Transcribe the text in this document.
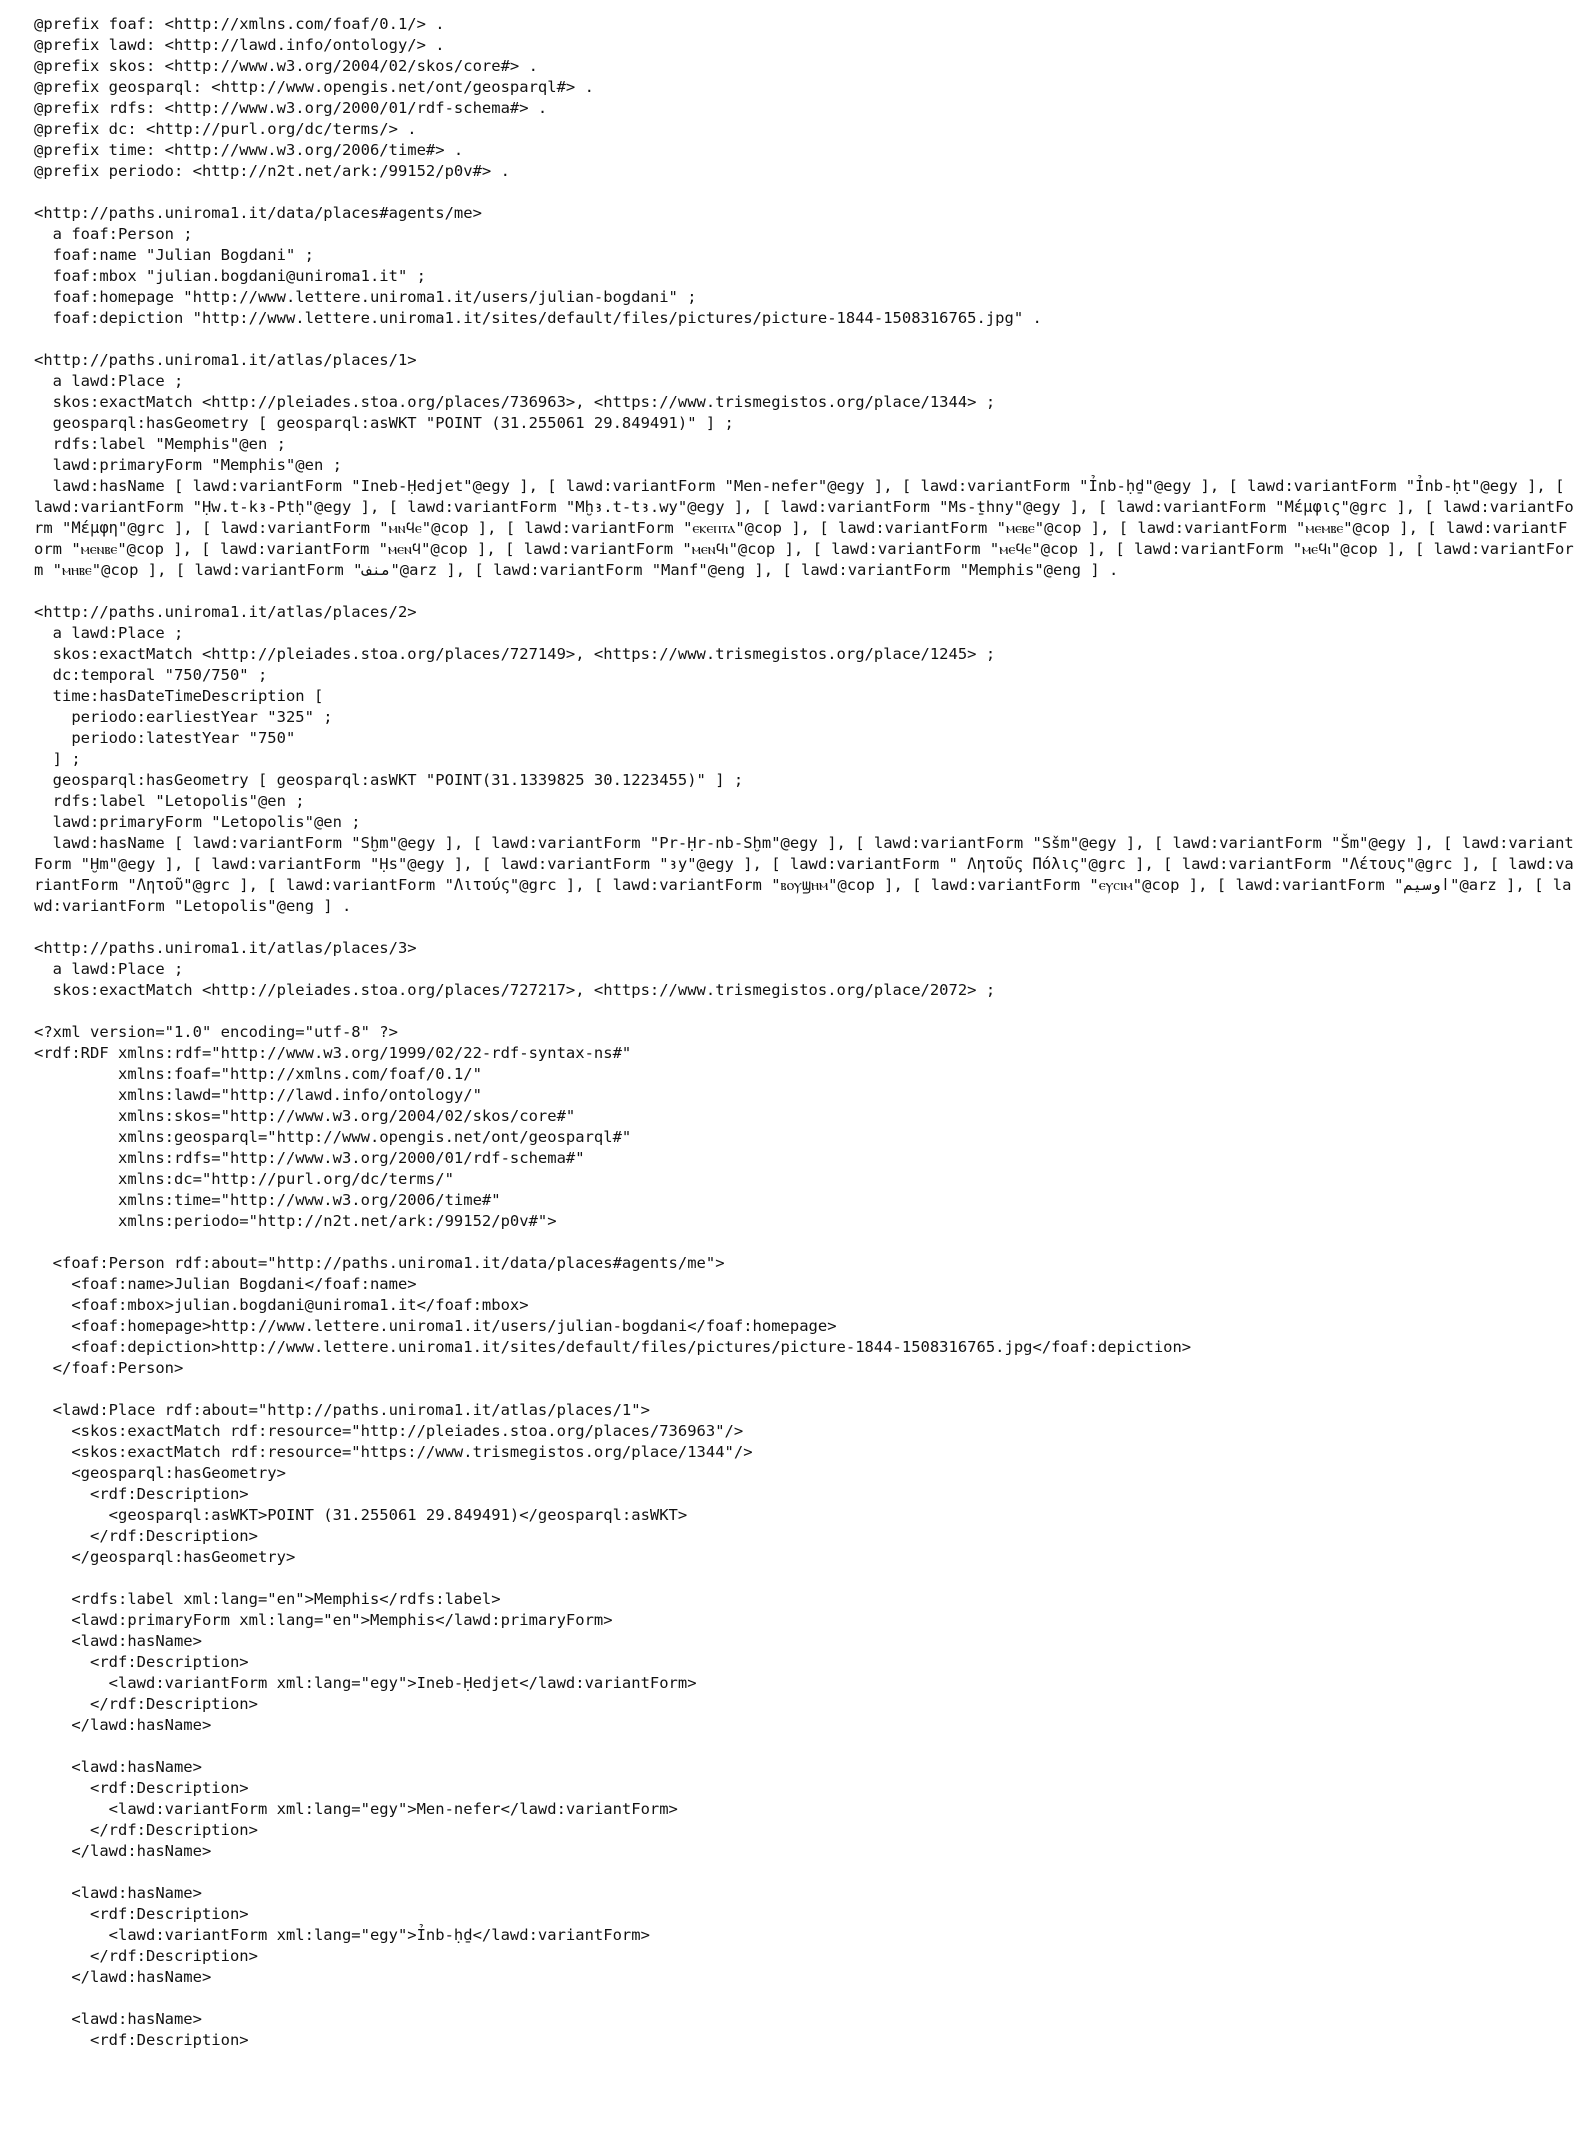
@prefix foaf: <http://xmlns.com/foaf/0.1/> .
@prefix lawd: <http://lawd.info/ontology/> .
@prefix skos: <http://www.w3.org/2004/02/skos/core#> .
@prefix geosparql: <http://www.opengis.net/ont/geosparql#> .
@prefix rdfs: <http://www.w3.org/2000/01/rdf-schema#> .
@prefix dc: <http://purl.org/dc/terms/> .
@prefix time: <http://www.w3.org/2006/time#> .
@prefix periodo: <http://n2t.net/ark:/99152/p0v#> .
<http://paths.uniroma1.it/data/places#agents/me>
a foaf:Person ;
foaf:name "Julian Bogdani" ;
foaf:mbox "julian.bogdani@uniroma1.it" ;
foaf:homepage "http://www.lettere.uniroma1.it/users/julian-bogdani" ;
foaf:depiction "http://www.lettere.uniroma1.it/sites/default/files/pictures/picture-1844-1508316765.jpg" .
<http://paths.uniroma1.it/atlas/places/1>
a lawd:Place ;
skos:exactMatch <http://pleiades.stoa.org/places/736963>, <https://www.trismegistos.org/place/1344> ;
geosparql:hasGeometry [ geosparql:asWKT "POINT (31.255061 29.849491)" ] ;
rdfs:label "Memphis"@en ;
lawd:primaryForm "Memphis"@en ;
lawd:hasName [ lawd:variantForm "Ineb-Ḥedjet"@egy ], [ lawd:variantForm "Men-nefer"@egy ], [ lawd:variantForm "Ỉnb-ḥḏ"@egy ], [ lawd:variantForm "Ỉnb-ḥt"@egy ], [ lawd:variantForm "Ḥw.t-kꜣ-Ptḥ"@egy ], [ lawd:variantForm "Mḫꜣ.t-tꜣ.wy"@egy ], [ lawd:variantForm "Ms-ṯhny"@egy ], [ lawd:variantForm "Μέμφις"@grc ], [ lawd:variantForm "Μέμφη"@grc ], [ lawd:variantForm "ⲙⲛϥⲉ"@cop ], [ lawd:variantForm "ⲉⲕⲉⲡⲧⲁ"@cop ], [ lawd:variantForm "ⲙⲉⲃⲉ"@cop ], [ lawd:variantForm "ⲙⲉⲙⲃⲉ"@cop ], [ lawd:variantForm "ⲙⲉⲛⲃⲉ"@cop ], [ lawd:variantForm "ⲙⲉⲛϥ"@cop ], [ lawd:variantForm "ⲙⲉⲛϥⲓ"@cop ], [ lawd:variantForm "ⲙⲉϥⲉ"@cop ], [ lawd:variantForm "ⲙⲉϥⲓ"@cop ], [ lawd:variantForm "ⲙⲏⲃⲉ"@cop ], [ lawd:variantForm "منف"@arz ], [ lawd:variantForm "Manf"@eng ], [ lawd:variantForm "Memphis"@eng ] .
<http://paths.uniroma1.it/atlas/places/2>
a lawd:Place ;
skos:exactMatch <http://pleiades.stoa.org/places/727149>, <https://www.trismegistos.org/place/1245> ;
dc:temporal "750/750" ;
time:hasDateTimeDescription [
periodo:earliestYear "325" ;
periodo:latestYear "750"
] ;
geosparql:hasGeometry [ geosparql:asWKT "POINT(31.1339825 30.1223455)" ] ;
rdfs:label "Letopolis"@en ;
lawd:primaryForm "Letopolis"@en ;
lawd:hasName [ lawd:variantForm "Sḫm"@egy ], [ lawd:variantForm "Pr-Ḥr-nb-Sḫm"@egy ], [ lawd:variantForm "Sšm"@egy ], [ lawd:variantForm "Šm"@egy ], [ lawd:variantForm "Ḫm"@egy ], [ lawd:variantForm "Ḥs"@egy ], [ lawd:variantForm "ꜣy"@egy ], [ lawd:variantForm " Λητοῦς Πόλις"@grc ], [ lawd:variantForm "Λέτους"@grc ], [ lawd:variantForm "Λητοῦ"@grc ], [ lawd:variantForm "Λιτούς"@grc ], [ lawd:variantForm "ⲃⲟⲩϣⲏⲙ"@cop ], [ lawd:variantForm "ⲉⲩⲥⲓⲙ"@cop ], [ lawd:variantForm "اوسيم"@arz ], [ lawd:variantForm "Letopolis"@eng ] .
<http://paths.uniroma1.it/atlas/places/3>
a lawd:Place ;
skos:exactMatch <http://pleiades.stoa.org/places/727217>, <https://www.trismegistos.org/place/2072> ;
<?xml version="1.0" encoding="utf-8" ?>
<rdf:RDF xmlns:rdf="http://www.w3.org/1999/02/22-rdf-syntax-ns#"
xmlns:foaf="http://xmlns.com/foaf/0.1/"
xmlns:lawd="http://lawd.info/ontology/"
xmlns:skos="http://www.w3.org/2004/02/skos/core#"
xmlns:geosparql="http://www.opengis.net/ont/geosparql#"
xmlns:rdfs="http://www.w3.org/2000/01/rdf-schema#"
xmlns:dc="http://purl.org/dc/terms/"
xmlns:time="http://www.w3.org/2006/time#"
xmlns:periodo="http://n2t.net/ark:/99152/p0v#">
<foaf:Person rdf:about="http://paths.uniroma1.it/data/places#agents/me">
<foaf:name>Julian Bogdani</foaf:name>
<foaf:mbox>julian.bogdani@uniroma1.it</foaf:mbox>
<foaf:homepage>http://www.lettere.uniroma1.it/users/julian-bogdani</foaf:homepage>
<foaf:depiction>http://www.lettere.uniroma1.it/sites/default/files/pictures/picture-1844-1508316765.jpg</foaf:depiction>
</foaf:Person>
<lawd:Place rdf:about="http://paths.uniroma1.it/atlas/places/1">
<skos:exactMatch rdf:resource="http://pleiades.stoa.org/places/736963"/>
<skos:exactMatch rdf:resource="https://www.trismegistos.org/place/1344"/>
<geosparql:hasGeometry>
<rdf:Description>
<geosparql:asWKT>POINT (31.255061 29.849491)</geosparql:asWKT>
</rdf:Description>
</geosparql:hasGeometry>
<rdfs:label xml:lang="en">Memphis</rdfs:label>
<lawd:primaryForm xml:lang="en">Memphis</lawd:primaryForm>
<lawd:hasName>
<rdf:Description>
<lawd:variantForm xml:lang="egy">Ineb-Ḥedjet</lawd:variantForm>
</rdf:Description>
</lawd:hasName>
<lawd:hasName>
<rdf:Description>
<lawd:variantForm xml:lang="egy">Men-nefer</lawd:variantForm>
</rdf:Description>
</lawd:hasName>
<lawd:hasName>
<rdf:Description>
<lawd:variantForm xml:lang="egy">Ỉnb-ḥḏ</lawd:variantForm>
</rdf:Description>
</lawd:hasName>
<lawd:hasName>
<rdf:Description>
